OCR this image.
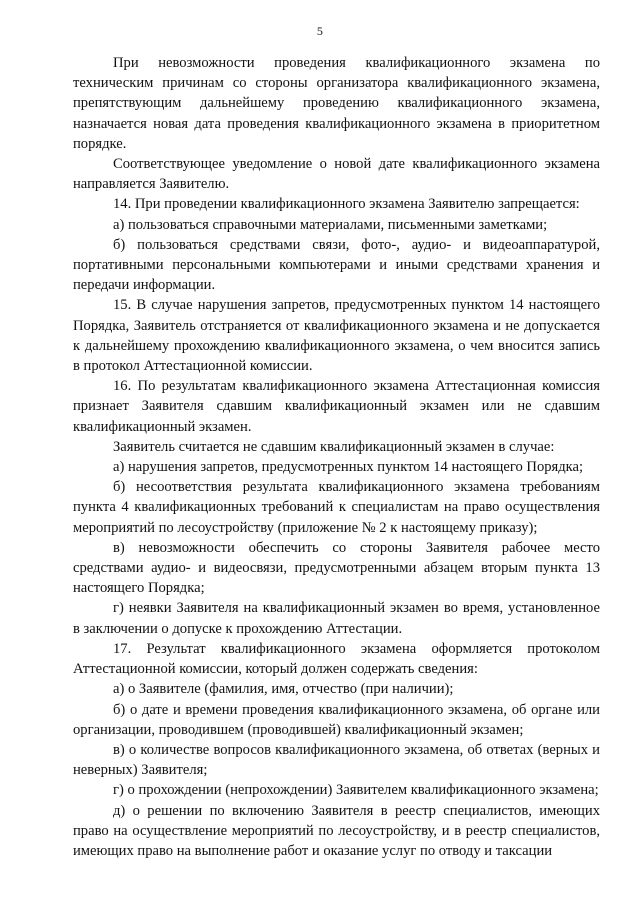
5

При невозможности проведения квалификационного экзамена по техническим причинам со стороны организатора квалификационного экзамена, препятствующим дальнейшему проведению квалификационного экзамена, назначается новая дата проведения квалификационного экзамена в приоритетном порядке.

Соответствующее уведомление о новой дате квалификационного экзамена направляется Заявителю.

14. При проведении квалификационного экзамена Заявителю запрещается:

а) пользоваться справочными материалами, письменными заметками;

б) пользоваться средствами связи, фото-, аудио- и видеоаппаратурой, портативными персональными компьютерами и иными средствами хранения и передачи информации.

15. В случае нарушения запретов, предусмотренных пунктом 14 настоящего Порядка, Заявитель отстраняется от квалификационного экзамена и не допускается к дальнейшему прохождению квалификационного экзамена, о чем вносится запись в протокол Аттестационной комиссии.

16. По результатам квалификационного экзамена Аттестационная комиссия признает Заявителя сдавшим квалификационный экзамен или не сдавшим квалификационный экзамен.

Заявитель считается не сдавшим квалификационный экзамен в случае:

а) нарушения запретов, предусмотренных пунктом 14 настоящего Порядка;

б) несоответствия результата квалификационного экзамена требованиям пункта 4 квалификационных требований к специалистам на право осуществления мероприятий по лесоустройству (приложение № 2 к настоящему приказу);

в) невозможности обеспечить со стороны Заявителя рабочее место средствами аудио- и видеосвязи, предусмотренными абзацем вторым пункта 13 настоящего Порядка;

г) неявки Заявителя на квалификационный экзамен во время, установленное в заключении о допуске к прохождению Аттестации.

17. Результат квалификационного экзамена оформляется протоколом Аттестационной комиссии, который должен содержать сведения:

а) о Заявителе (фамилия, имя, отчество (при наличии);

б) о дате и времени проведения квалификационного экзамена, об органе или организации, проводившем (проводившей) квалификационный экзамен;

в) о количестве вопросов квалификационного экзамена, об ответах (верных и неверных) Заявителя;

г) о прохождении (непрохождении) Заявителем квалификационного экзамена;

д) о решении по включению Заявителя в реестр специалистов, имеющих право на осуществление мероприятий по лесоустройству, и в реестр специалистов, имеющих право на выполнение работ и оказание услуг по отводу и таксации
